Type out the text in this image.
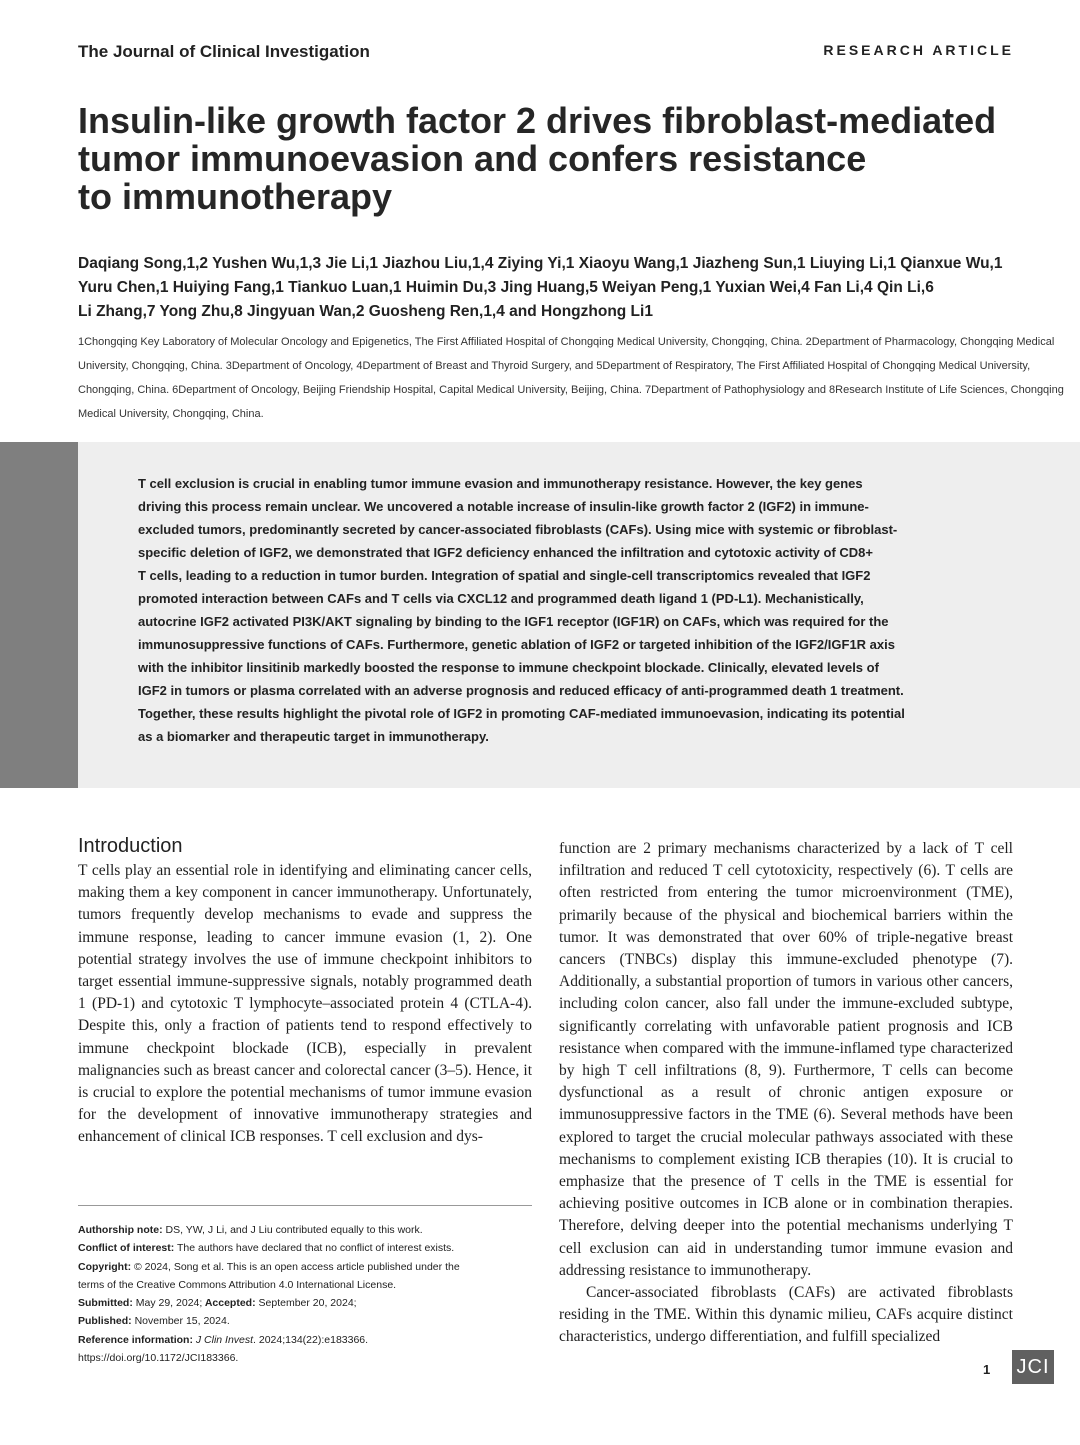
The Journal of Clinical Investigation	RESEARCH ARTICLE
Insulin-like growth factor 2 drives fibroblast-mediated
tumor immunoevasion and confers resistance
to immunotherapy
Daqiang Song,1,2 Yushen Wu,1,3 Jie Li,1 Jiazhou Liu,1,4 Ziying Yi,1 Xiaoyu Wang,1 Jiazheng Sun,1 Liuying Li,1 Qianxue Wu,1
Yuru Chen,1 Huiying Fang,1 Tiankuo Luan,1 Huimin Du,3 Jing Huang,5 Weiyan Peng,1 Yuxian Wei,4 Fan Li,4 Qin Li,6
Li Zhang,7 Yong Zhu,8 Jingyuan Wan,2 Guosheng Ren,1,4 and Hongzhong Li1
1Chongqing Key Laboratory of Molecular Oncology and Epigenetics, The First Affiliated Hospital of Chongqing Medical University, Chongqing, China. 2Department of Pharmacology, Chongqing Medical
University, Chongqing, China. 3Department of Oncology, 4Department of Breast and Thyroid Surgery, and 5Department of Respiratory, The First Affiliated Hospital of Chongqing Medical University,
Chongqing, China. 6Department of Oncology, Beijing Friendship Hospital, Capital Medical University, Beijing, China. 7Department of Pathophysiology and 8Research Institute of Life Sciences, Chongqing
Medical University, Chongqing, China.
T cell exclusion is crucial in enabling tumor immune evasion and immunotherapy resistance. However, the key genes
driving this process remain unclear. We uncovered a notable increase of insulin-like growth factor 2 (IGF2) in immune-
excluded tumors, predominantly secreted by cancer-associated fibroblasts (CAFs). Using mice with systemic or fibroblast-
specific deletion of IGF2, we demonstrated that IGF2 deficiency enhanced the infiltration and cytotoxic activity of CD8+
T cells, leading to a reduction in tumor burden. Integration of spatial and single-cell transcriptomics revealed that IGF2
promoted interaction between CAFs and T cells via CXCL12 and programmed death ligand 1 (PD-L1). Mechanistically,
autocrine IGF2 activated PI3K/AKT signaling by binding to the IGF1 receptor (IGF1R) on CAFs, which was required for the
immunosuppressive functions of CAFs. Furthermore, genetic ablation of IGF2 or targeted inhibition of the IGF2/IGF1R axis
with the inhibitor linsitinib markedly boosted the response to immune checkpoint blockade. Clinically, elevated levels of
IGF2 in tumors or plasma correlated with an adverse prognosis and reduced efficacy of anti-programmed death 1 treatment.
Together, these results highlight the pivotal role of IGF2 in promoting CAF-mediated immunoevasion, indicating its potential
as a biomarker and therapeutic target in immunotherapy.
Introduction

T cells play an essential role in identifying and eliminating cancer cells, making them a key component in cancer immunotherapy. Unfortunately, tumors frequently develop mechanisms to evade and suppress the immune response, leading to cancer immune evasion (1, 2). One potential strategy involves the use of immune checkpoint inhibitors to target essential immune-suppressive signals, notably programmed death 1 (PD-1) and cytotoxic T lymphocyte–associated protein 4 (CTLA-4). Despite this, only a fraction of patients tend to respond effectively to immune checkpoint blockade (ICB), especially in prevalent malignancies such as breast cancer and colorectal cancer (3–5). Hence, it is crucial to explore the potential mechanisms of tumor immune evasion for the development of innovative immunotherapy strategies and enhancement of clinical ICB responses. T cell exclusion and dys-

function are 2 primary mechanisms characterized by a lack of T cell infiltration and reduced T cell cytotoxicity, respectively (6). T cells are often restricted from entering the tumor microenvironment (TME), primarily because of the physical and biochemical barriers within the tumor. It was demonstrated that over 60% of triple-negative breast cancers (TNBCs) display this immune-excluded phenotype (7). Additionally, a substantial proportion of tumors in various other cancers, including colon cancer, also fall under the immune-excluded subtype, significantly correlating with unfavorable patient prognosis and ICB resistance when compared with the immune-inflamed type characterized by high T cell infiltrations (8, 9). Furthermore, T cells can become dysfunctional as a result of chronic antigen exposure or immunosuppressive factors in the TME (6). Several methods have been explored to target the crucial molecular pathways associated with these mechanisms to complement existing ICB therapies (10). It is crucial to emphasize that the presence of T cells in the TME is essential for achieving positive outcomes in ICB alone or in combination therapies. Therefore, delving deeper into the potential mechanisms underlying T cell exclusion can aid in understanding tumor immune evasion and addressing resistance to immunotherapy.

Cancer-associated fibroblasts (CAFs) are activated fibroblasts residing in the TME. Within this dynamic milieu, CAFs acquire distinct characteristics, undergo differentiation, and fulfill specialized

Authorship note: DS, YW, J Li, and J Liu contributed equally to this work.
Conflict of interest: The authors have declared that no conflict of interest exists.
Copyright: © 2024, Song et al. This is an open access article published under the
terms of the Creative Commons Attribution 4.0 International License.
Submitted: May 29, 2024; Accepted: September 20, 2024;
Published: November 15, 2024.
Reference information: J Clin Invest. 2024;134(22):e183366.
https://doi.org/10.1172/JCI183366.
1 JCI
